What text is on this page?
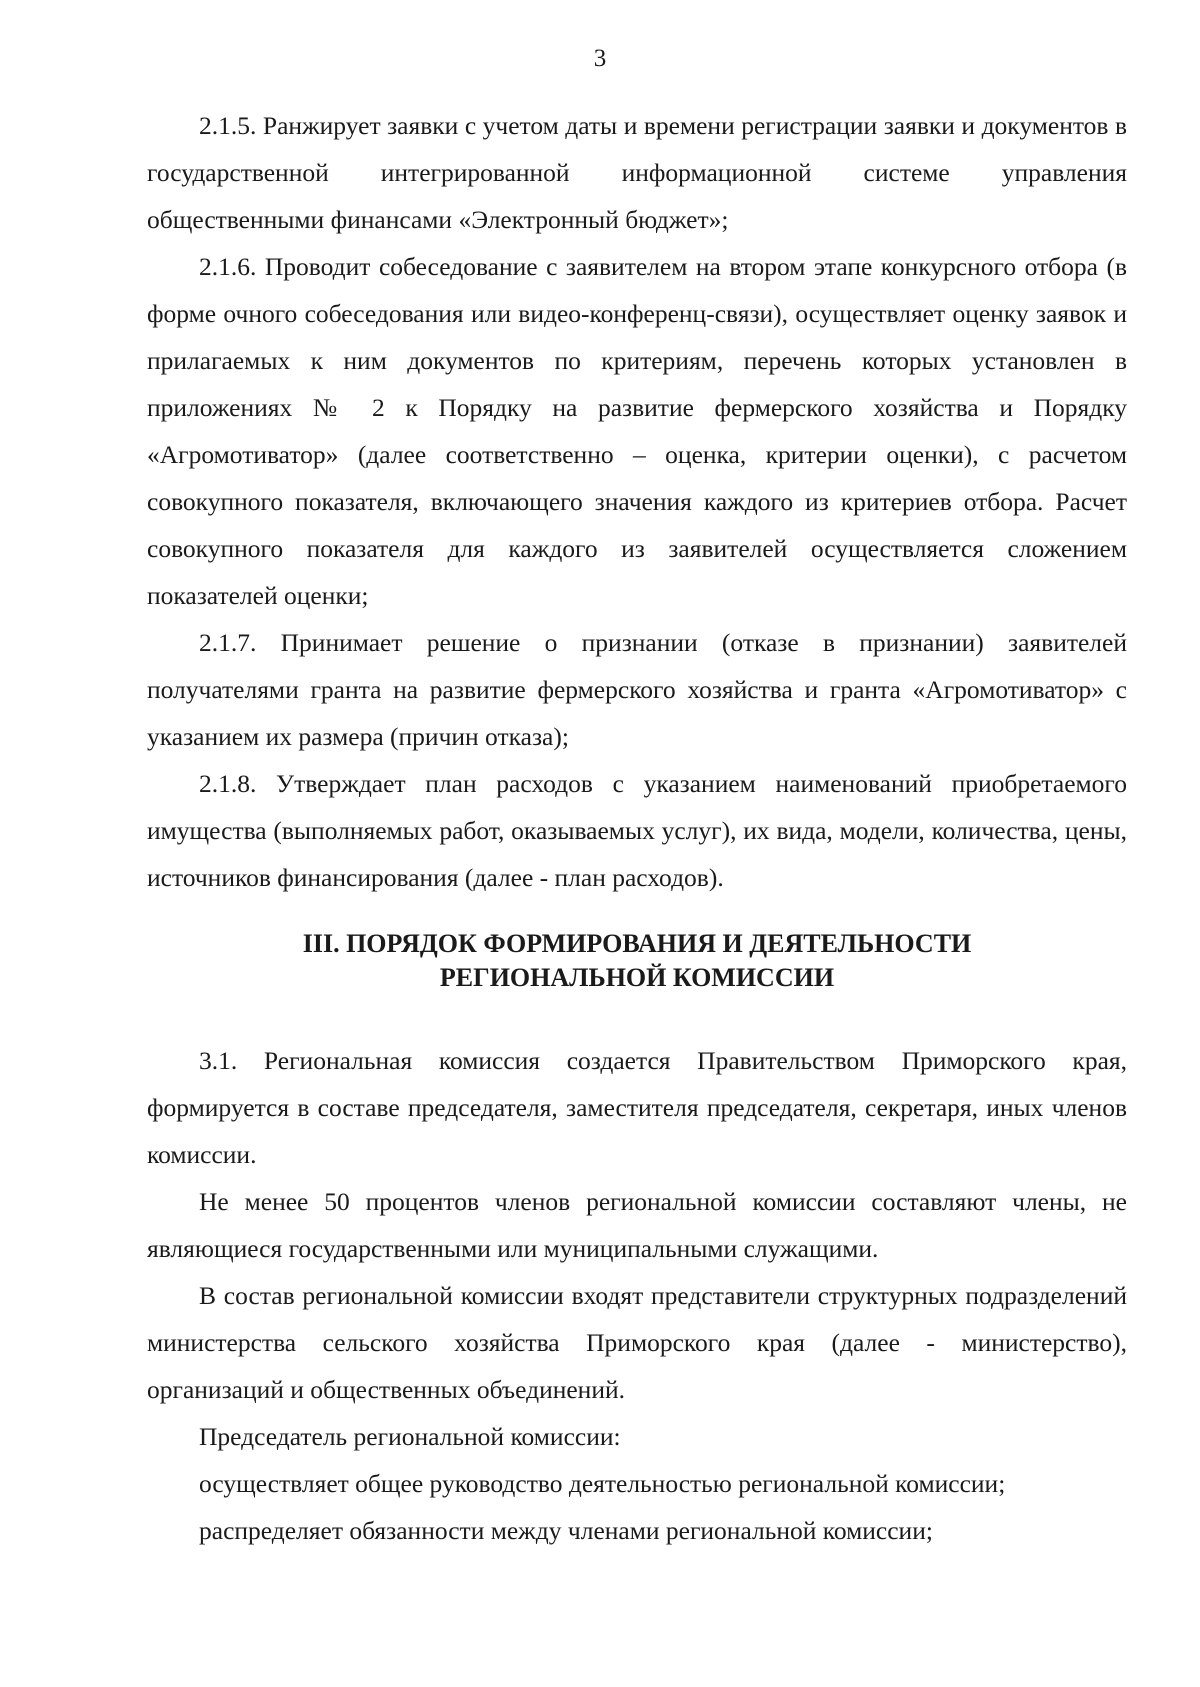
3

2.1.5. Ранжирует заявки с учетом даты и времени регистрации заявки и документов в государственной интегрированной информационной системе управления общественными финансами «Электронный бюджет»;

2.1.6. Проводит собеседование с заявителем на втором этапе конкурсного отбора (в форме очного собеседования или видео-конференц-связи), осуществляет оценку заявок и прилагаемых к ним документов по критериям, перечень которых установлен в приложениях № 2 к Порядку на развитие фермерского хозяйства и Порядку «Агромотиватор» (далее соответственно – оценка, критерии оценки), с расчетом совокупного показателя, включающего значения каждого из критериев отбора. Расчет совокупного показателя для каждого из заявителей осуществляется сложением показателей оценки;

2.1.7. Принимает решение о признании (отказе в признании) заявителей получателями гранта на развитие фермерского хозяйства и гранта «Агромотиватор» с указанием их размера (причин отказа);

2.1.8. Утверждает план расходов с указанием наименований приобретаемого имущества (выполняемых работ, оказываемых услуг), их вида, модели, количества, цены, источников финансирования (далее - план расходов).

III. ПОРЯДОК ФОРМИРОВАНИЯ И ДЕЯТЕЛЬНОСТИ
РЕГИОНАЛЬНОЙ КОМИССИИ

3.1. Региональная комиссия создается Правительством Приморского края, формируется в составе председателя, заместителя председателя, секретаря, иных членов комиссии.

Не менее 50 процентов членов региональной комиссии составляют члены, не являющиеся государственными или муниципальными служащими.

В состав региональной комиссии входят представители структурных подразделений министерства сельского хозяйства Приморского края (далее - министерство), организаций и общественных объединений.

Председатель региональной комиссии:

осуществляет общее руководство деятельностью региональной комиссии;

распределяет обязанности между членами региональной комиссии;
